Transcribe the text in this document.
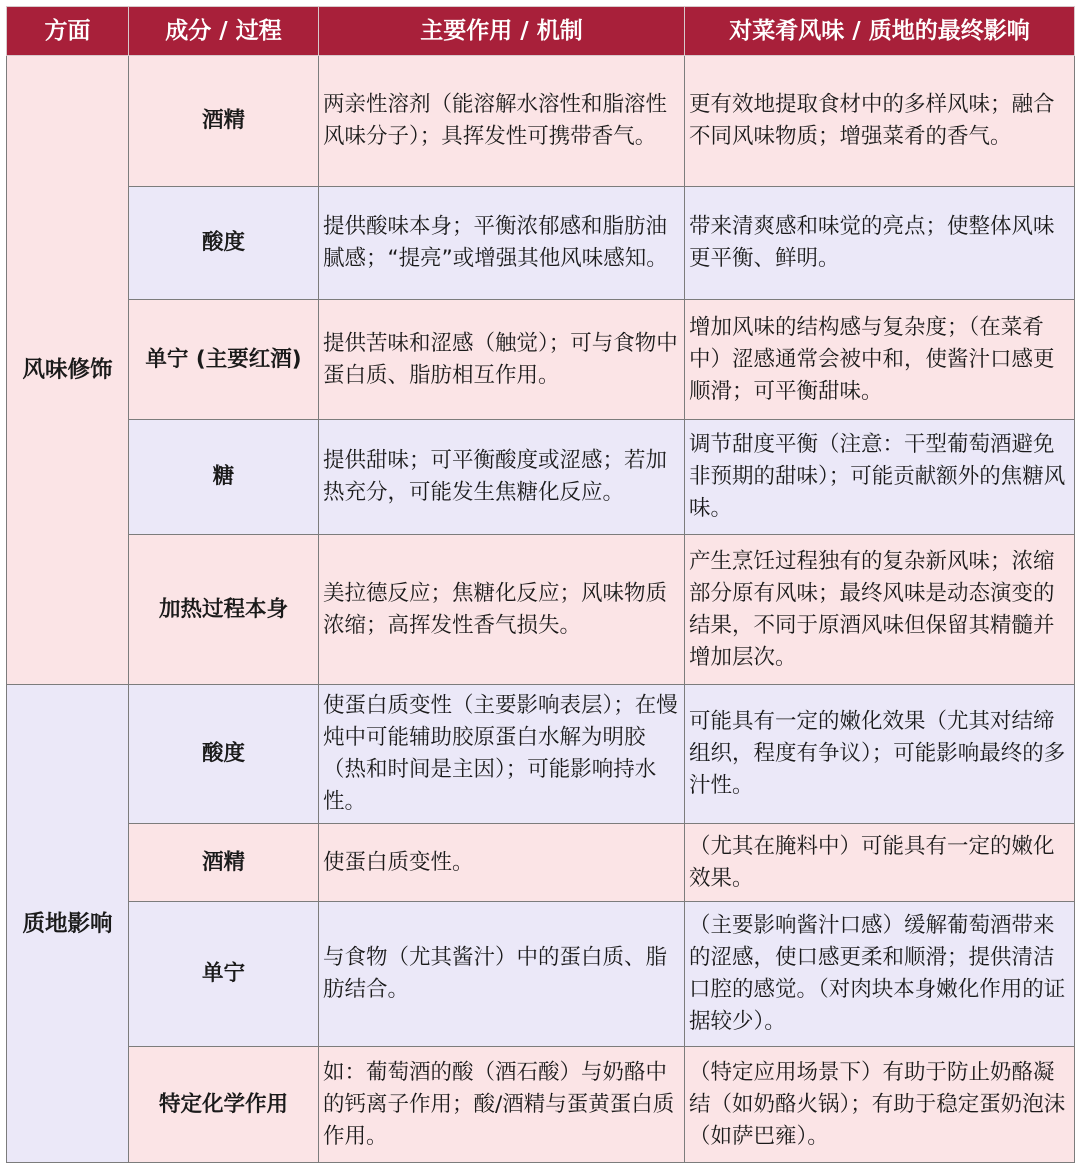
方面	成分 / 过程	主要作用 / 机制	对菜肴风味 / 质地的最终影响
风味修饰	酒精	两亲性溶剂（能溶解水溶性和脂溶性风味分子）；具挥发性可携带香气。	更有效地提取食材中的多样风味；融合不同风味物质；增强菜肴的香气。
	酸度	提供酸味本身；平衡浓郁感和脂肪油腻感；“提亮”或增强其他风味感知。	带来清爽感和味觉的亮点；使整体风味更平衡、鲜明。
	单宁 (主要红酒)	提供苦味和涩感（触觉）；可与食物中蛋白质、脂肪相互作用。	增加风味的结构感与复杂度；（在菜肴中）涩感通常会被中和，使酱汁口感更顺滑；可平衡甜味。
	糖	提供甜味；可平衡酸度或涩感；若加热充分，可能发生焦糖化反应。	调节甜度平衡（注意：干型葡萄酒避免非预期的甜味）；可能贡献额外的焦糖风味。
	加热过程本身	美拉德反应；焦糖化反应；风味物质浓缩；高挥发性香气损失。	产生烹饪过程独有的复杂新风味；浓缩部分原有风味；最终风味是动态演变的结果，不同于原酒风味但保留其精髓并增加层次。
质地影响	酸度	使蛋白质变性（主要影响表层）；在慢炖中可能辅助胶原蛋白水解为明胶（热和时间是主因）；可能影响持水性。	可能具有一定的嫩化效果（尤其对结缔组织，程度有争议）；可能影响最终的多汁性。
	酒精	使蛋白质变性。	（尤其在腌料中）可能具有一定的嫩化效果。
	单宁	与食物（尤其酱汁）中的蛋白质、脂肪结合。	（主要影响酱汁口感）缓解葡萄酒带来的涩感，使口感更柔和顺滑；提供清洁口腔的感觉。（对肉块本身嫩化作用的证据较少）。
	特定化学作用	如：葡萄酒的酸（酒石酸）与奶酪中的钙离子作用；酸/酒精与蛋黄蛋白质作用。	（特定应用场景下）有助于防止奶酪凝结（如奶酪火锅）；有助于稳定蛋奶泡沫（如萨巴雍）。
